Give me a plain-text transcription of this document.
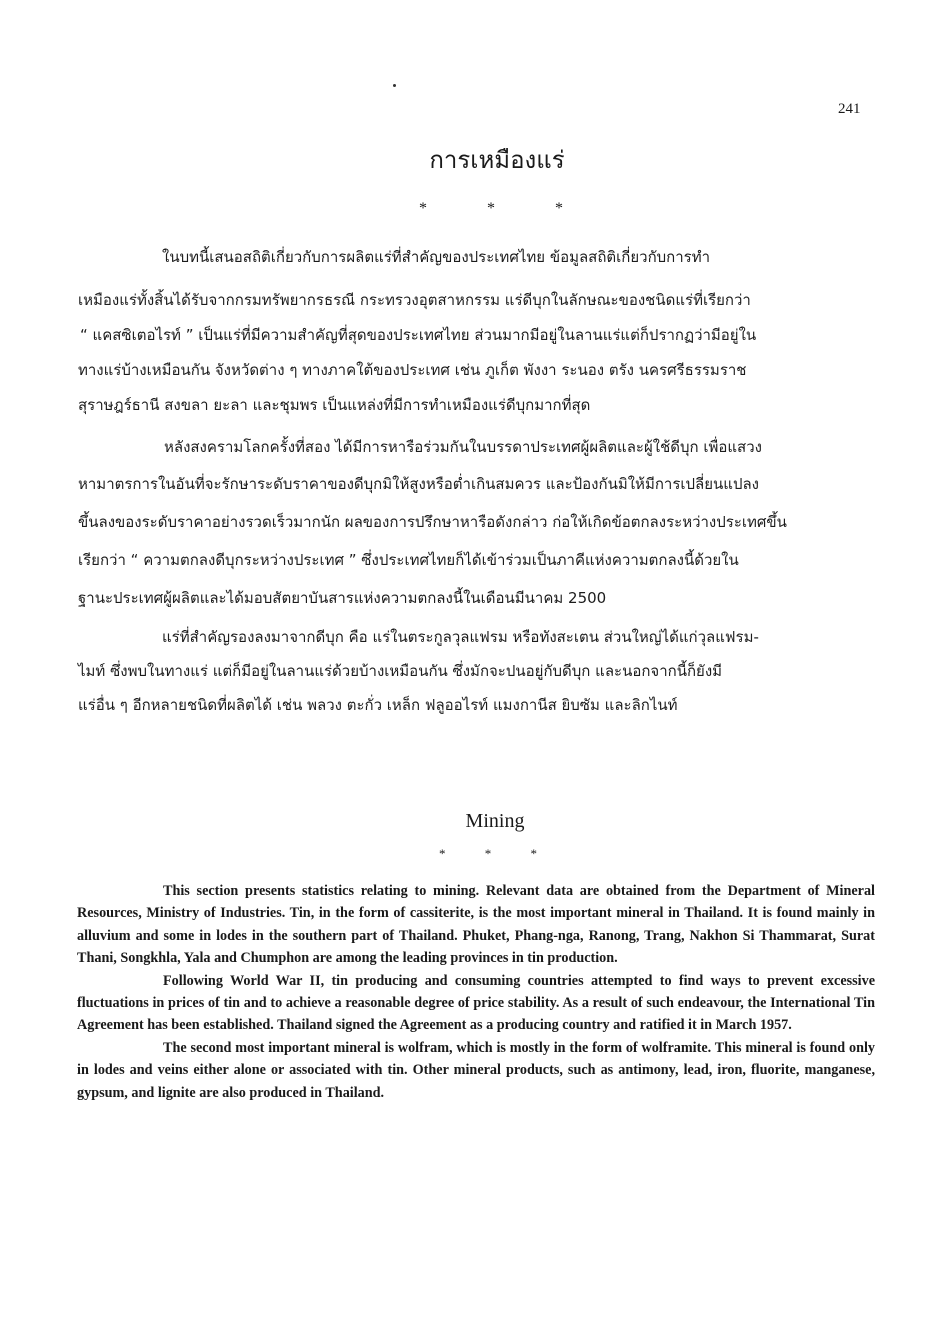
241
การเหมืองแร่
* * *
ในบทนี้เสนอสถิติเกี่ยวกับการผลิตแร่ที่สำคัญของประเทศไทย ข้อมูลสถิติเกี่ยวกับการทำ
เหมืองแร่ทั้งสิ้นได้รับจากกรมทรัพยากรธรณี กระทรวงอุตสาหกรรม แร่ดีบุกในลักษณะของชนิดแร่ที่เรียกว่า
“ แคสซิเตอไรท์ ” เป็นแร่ที่มีความสำคัญที่สุดของประเทศไทย ส่วนมากมีอยู่ในลานแร่แต่ก็ปรากฏว่ามีอยู่ใน
ทางแร่บ้างเหมือนกัน จังหวัดต่าง ๆ ทางภาคใต้ของประเทศ เช่น ภูเก็ต พังงา ระนอง ตรัง นครศรีธรรมราช
สุราษฎร์ธานี สงขลา ยะลา และชุมพร เป็นแหล่งที่มีการทำเหมืองแร่ดีบุกมากที่สุด
หลังสงครามโลกครั้งที่สอง ได้มีการหารือร่วมกันในบรรดาประเทศผู้ผลิตและผู้ใช้ดีบุก เพื่อแสวง
หามาตรการในอันที่จะรักษาระดับราคาของดีบุกมิให้สูงหรือต่ำเกินสมควร และป้องกันมิให้มีการเปลี่ยนแปลง
ขึ้นลงของระดับราคาอย่างรวดเร็วมากนัก ผลของการปรึกษาหารือดังกล่าว ก่อให้เกิดข้อตกลงระหว่างประเทศขึ้น
เรียกว่า “ ความตกลงดีบุกระหว่างประเทศ ” ซึ่งประเทศไทยก็ได้เข้าร่วมเป็นภาคีแห่งความตกลงนี้ด้วยใน
ฐานะประเทศผู้ผลิตและได้มอบสัตยาบันสารแห่งความตกลงนี้ในเดือนมีนาคม 2500
แร่ที่สำคัญรองลงมาจากดีบุก คือ แร่ในตระกูลวุลแฟรม หรือทังสะเตน ส่วนใหญ่ได้แก่วุลแฟรม-
ไมท์ ซึ่งพบในทางแร่ แต่ก็มีอยู่ในลานแร่ด้วยบ้างเหมือนกัน ซึ่งมักจะปนอยู่กับดีบุก และนอกจากนี้ก็ยังมี
แร่อื่น ๆ อีกหลายชนิดที่ผลิตได้ เช่น พลวง ตะกั่ว เหล็ก ฟลูออไรท์ แมงกานีส ยิบซัม และลิกไนท์
Mining
* * *

This section presents statistics relating to mining. Relevant data are obtained from the Department of Mineral Resources, Ministry of Industries. Tin, in the form of cassiterite, is the most important mineral in Thailand. It is found mainly in alluvium and some in lodes in the southern part of Thailand. Phuket, Phang-nga, Ranong, Trang, Nakhon Si Thammarat, Surat Thani, Songkhla, Yala and Chumphon are among the leading provinces in tin production.

Following World War II, tin producing and consuming countries attempted to find ways to prevent excessive fluctuations in prices of tin and to achieve a reasonable degree of price stability. As a result of such endeavour, the International Tin Agreement has been established. Thailand signed the Agreement as a producing country and ratified it in March 1957.

The second most important mineral is wolfram, which is mostly in the form of wolframite. This mineral is found only in lodes and veins either alone or associated with tin. Other mineral products, such as antimony, lead, iron, fluorite, manganese, gypsum, and lignite are also produced in Thailand.
